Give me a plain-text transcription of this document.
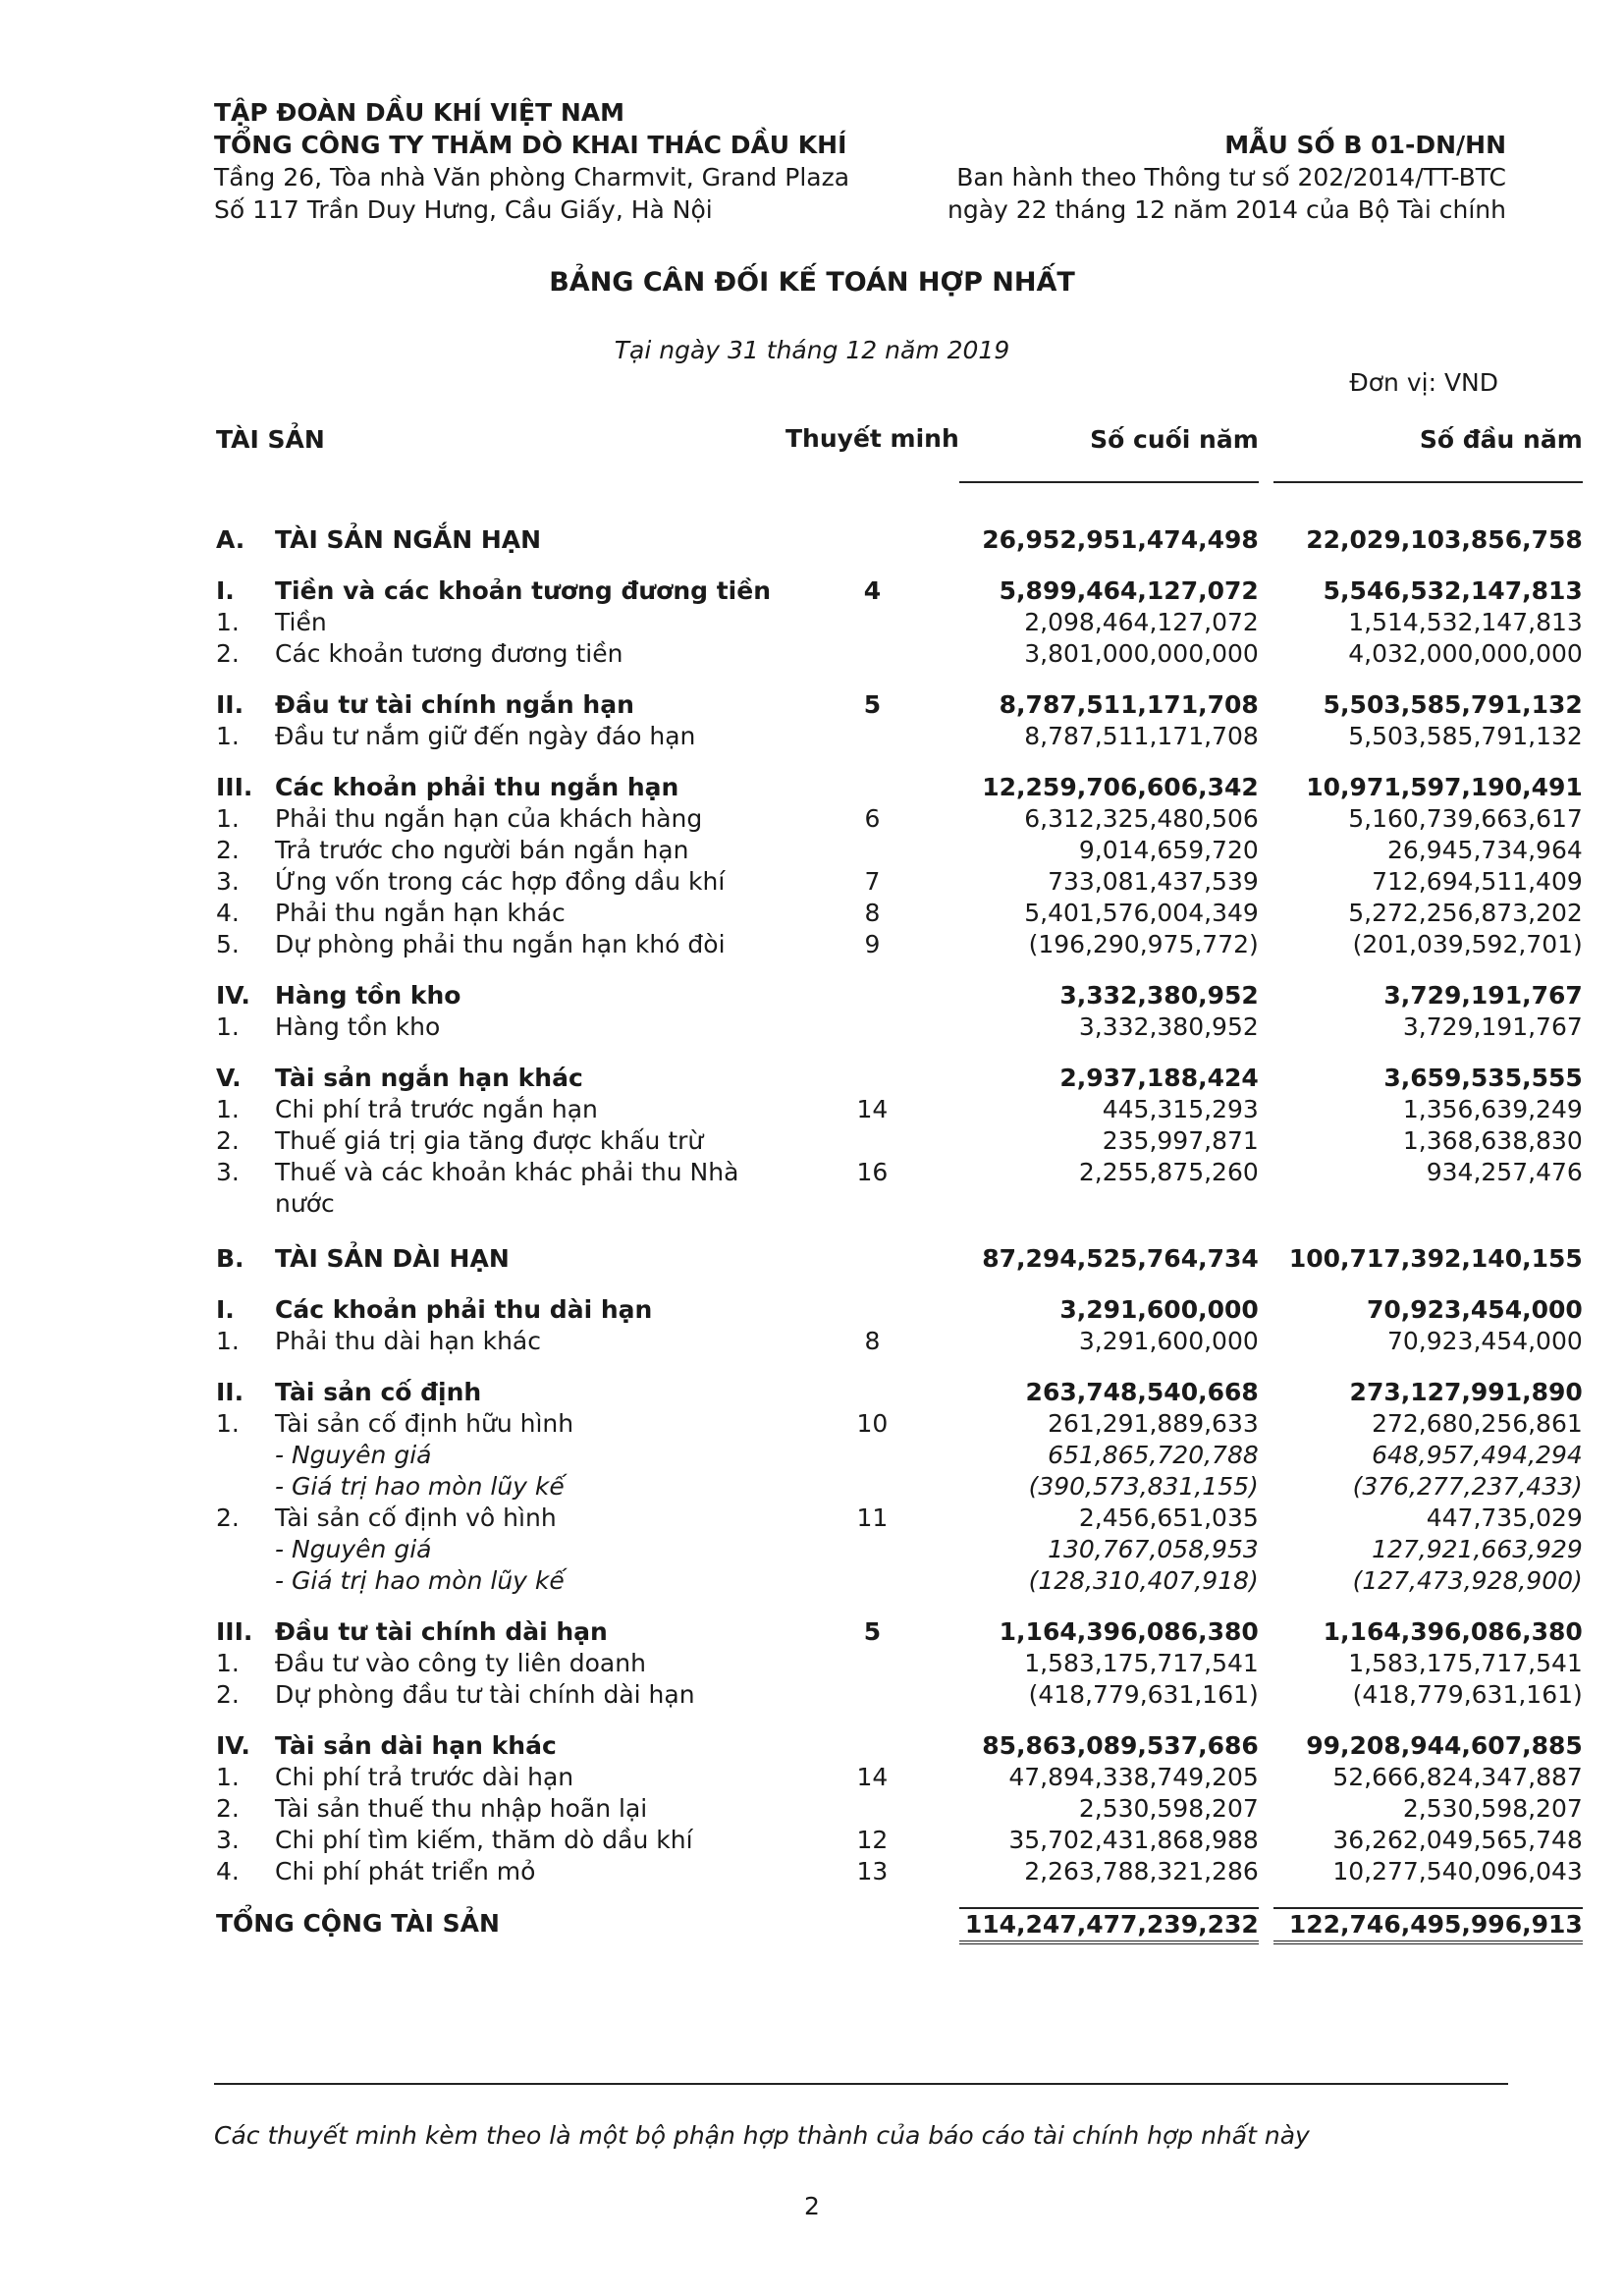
TẬP ĐOÀN DẦU KHÍ VIỆT NAM
TỔNG CÔNG TY THĂM DÒ KHAI THÁC DẦU KHÍ	MẪU SỐ B 01-DN/HN
Tầng 26, Tòa nhà Văn phòng Charmvit, Grand Plaza	Ban hành theo Thông tư số 202/2014/TT-BTC
Số 117 Trần Duy Hưng, Cầu Giấy, Hà Nội	ngày 22 tháng 12 năm 2014 của Bộ Tài chính
BẢNG CÂN ĐỐI KẾ TOÁN HỢP NHẤT
Tại ngày 31 tháng 12 năm 2019
Đơn vị: VND
TÀI SẢN		Thuyết minh	Số cuối năm		Số đầu năm

A.	TÀI SẢN NGẮN HẠN		26,952,951,474,498		22,029,103,856,758

I.	Tiền và các khoản tương đương tiền	4	5,899,464,127,072		5,546,532,147,813
1.	Tiền		2,098,464,127,072		1,514,532,147,813
2.	Các khoản tương đương tiền		3,801,000,000,000		4,032,000,000,000

II.	Đầu tư tài chính ngắn hạn	5	8,787,511,171,708		5,503,585,791,132
1.	Đầu tư nắm giữ đến ngày đáo hạn		8,787,511,171,708		5,503,585,791,132

III.	Các khoản phải thu ngắn hạn		12,259,706,606,342		10,971,597,190,491
1.	Phải thu ngắn hạn của khách hàng	6	6,312,325,480,506		5,160,739,663,617
2.	Trả trước cho người bán ngắn hạn		9,014,659,720		26,945,734,964
3.	Ứng vốn trong các hợp đồng dầu khí	7	733,081,437,539		712,694,511,409
4.	Phải thu ngắn hạn khác	8	5,401,576,004,349		5,272,256,873,202
5.	Dự phòng phải thu ngắn hạn khó đòi	9	(196,290,975,772)		(201,039,592,701)

IV.	Hàng tồn kho		3,332,380,952		3,729,191,767
1.	Hàng tồn kho		3,332,380,952		3,729,191,767

V.	Tài sản ngắn hạn khác		2,937,188,424		3,659,535,555
1.	Chi phí trả trước ngắn hạn	14	445,315,293		1,356,639,249
2.	Thuế giá trị gia tăng được khấu trừ		235,997,871		1,368,638,830
3.	Thuế và các khoản khác phải thu Nhà nước	16	2,255,875,260		934,257,476

B.	TÀI SẢN DÀI HẠN		87,294,525,764,734		100,717,392,140,155

I.	Các khoản phải thu dài hạn		3,291,600,000		70,923,454,000
1.	Phải thu dài hạn khác	8	3,291,600,000		70,923,454,000

II.	Tài sản cố định		263,748,540,668		273,127,991,890
1.	Tài sản cố định hữu hình	10	261,291,889,633		272,680,256,861
	- Nguyên giá		651,865,720,788		648,957,494,294
	- Giá trị hao mòn lũy kế		(390,573,831,155)		(376,277,237,433)
2.	Tài sản cố định vô hình	11	2,456,651,035		447,735,029
	- Nguyên giá		130,767,058,953		127,921,663,929
	- Giá trị hao mòn lũy kế		(128,310,407,918)		(127,473,928,900)

III.	Đầu tư tài chính dài hạn	5	1,164,396,086,380		1,164,396,086,380
1.	Đầu tư vào công ty liên doanh		1,583,175,717,541		1,583,175,717,541
2.	Dự phòng đầu tư tài chính dài hạn		(418,779,631,161)		(418,779,631,161)

IV.	Tài sản dài hạn khác		85,863,089,537,686		99,208,944,607,885
1.	Chi phí trả trước dài hạn	14	47,894,338,749,205		52,666,824,347,887
2.	Tài sản thuế thu nhập hoãn lại		2,530,598,207		2,530,598,207
3.	Chi phí tìm kiếm, thăm dò dầu khí	12	35,702,431,868,988		36,262,049,565,748
4.	Chi phí phát triển mỏ	13	2,263,788,321,286		10,277,540,096,043

TỔNG CỘNG TÀI SẢN			114,247,477,239,232		122,746,495,996,913
Các thuyết minh kèm theo là một bộ phận hợp thành của báo cáo tài chính hợp nhất này
2
